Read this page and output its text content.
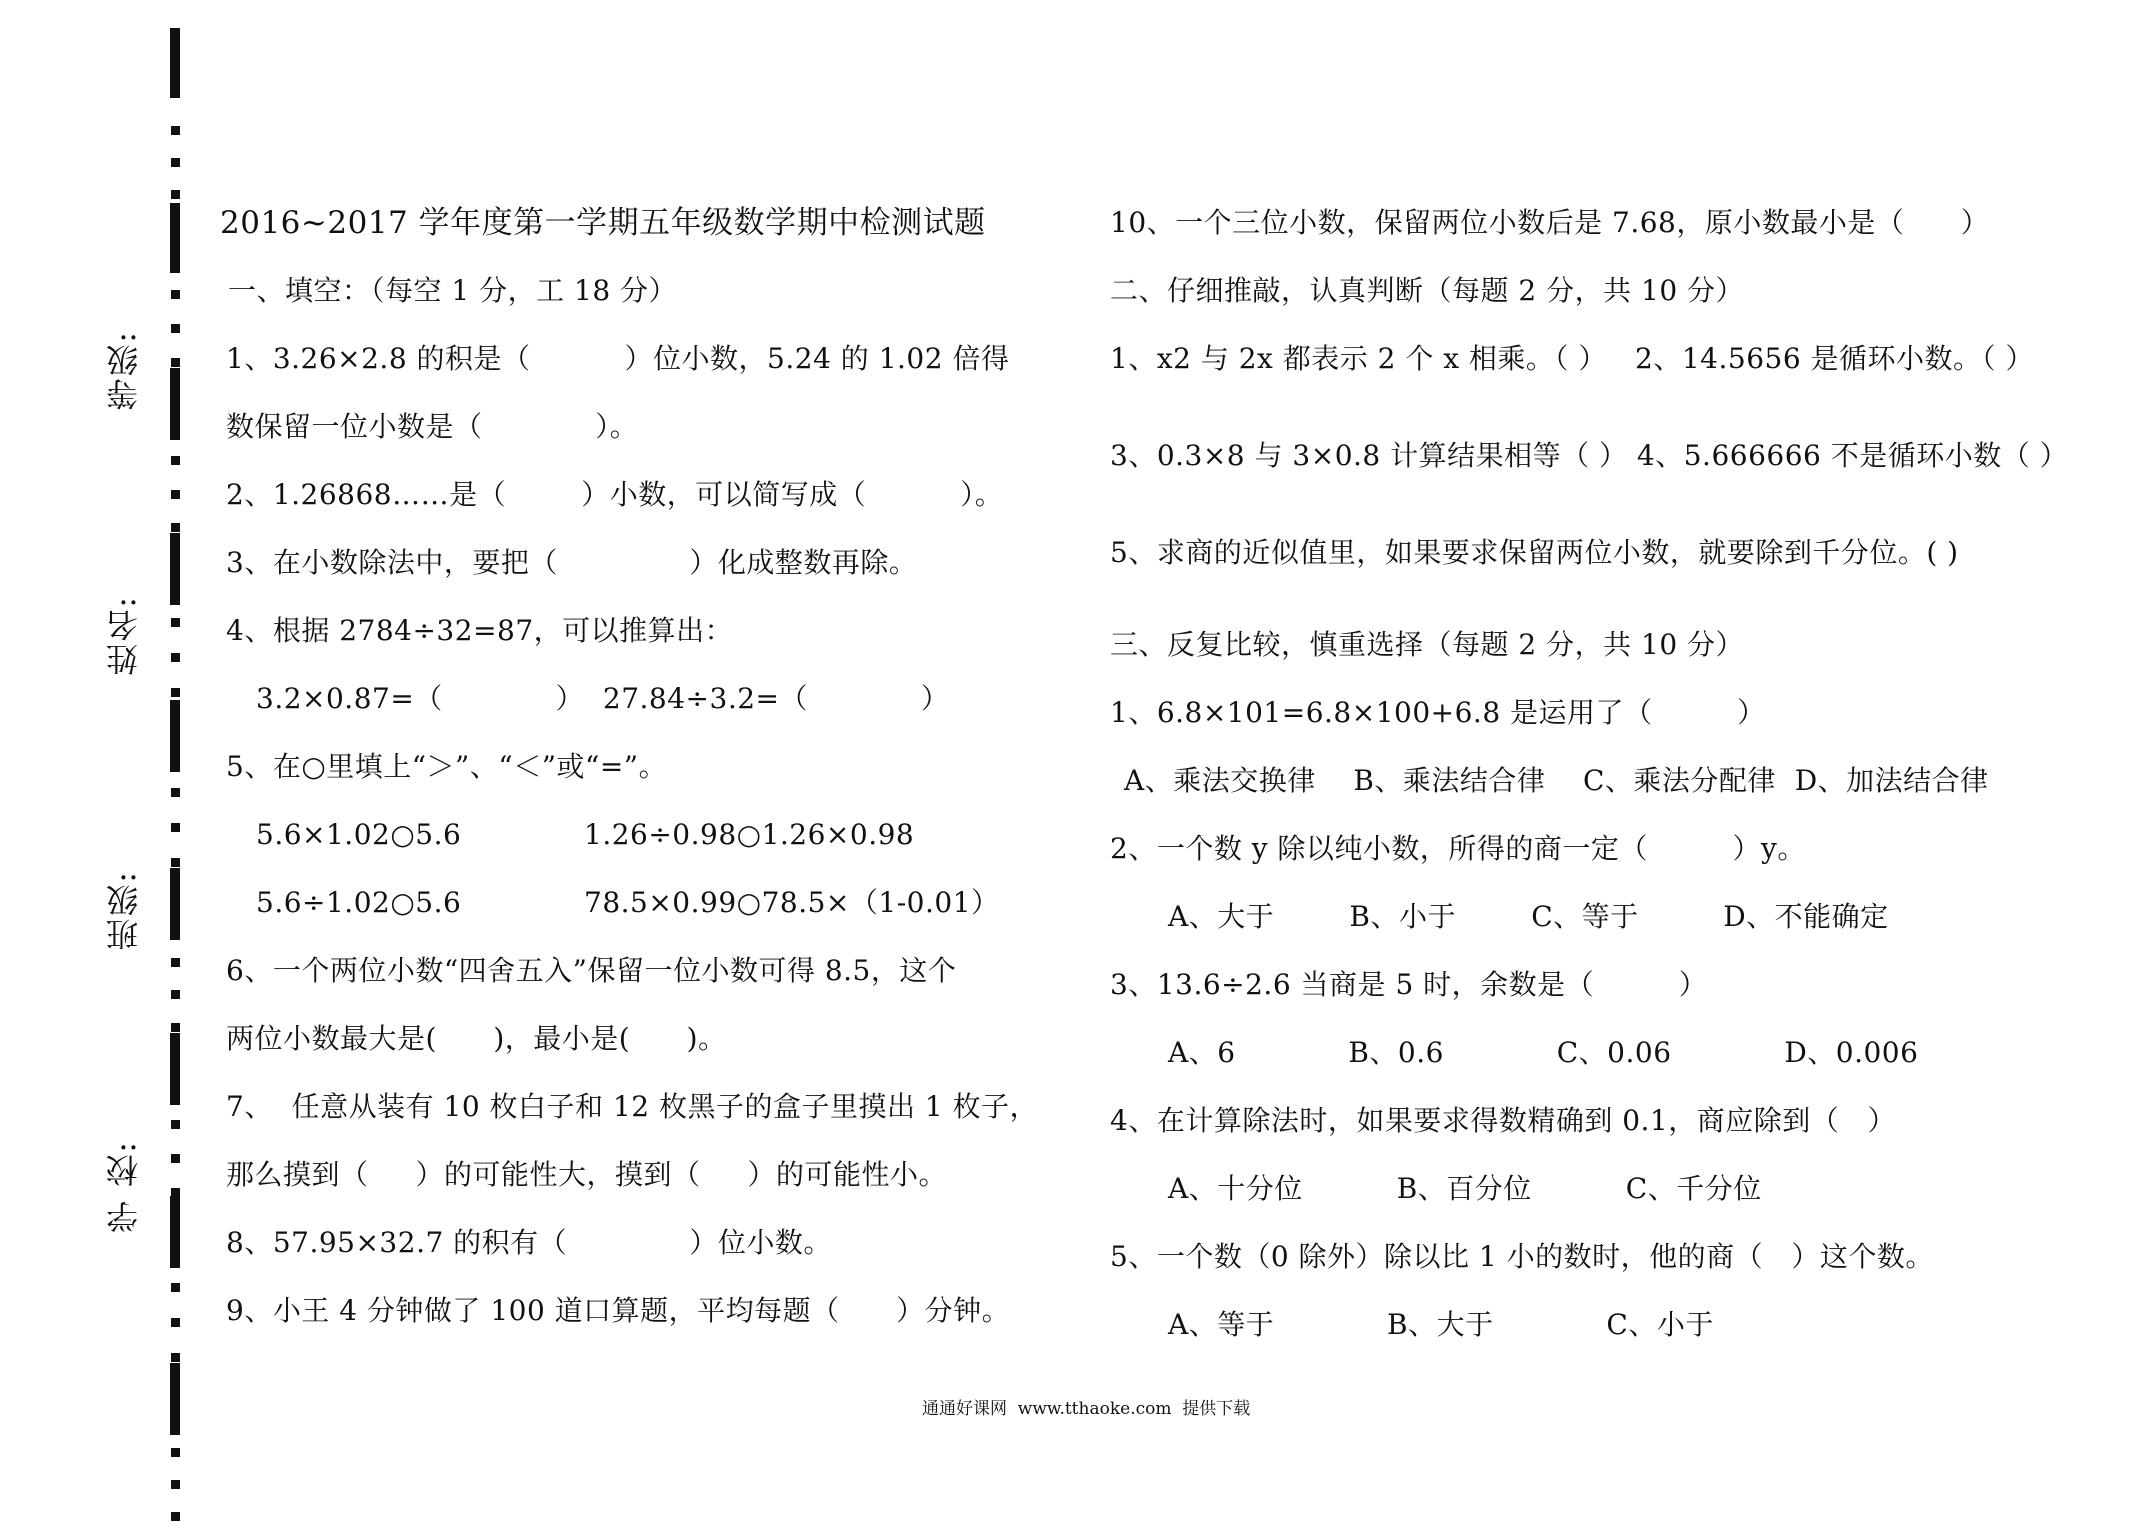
等级:
姓名:
班级:
学 校:
2016~2017 学年度第一学期五年级数学期中检测试题
一、填空：（每空 1 分，工 18 分）
1、3.26×2.8 的积是（          ）位小数，5.24 的 1.02 倍得
数保留一位小数是（            ）。
2、1.26868……是（        ）小数，可以简写成（          ）。
3、在小数除法中，要把（              ）化成整数再除。
4、根据 2784÷32=87，可以推算出：
3.2×0.87=（            ）  27.84÷3.2=（            ）
5、在○里填上“＞”、“＜”或“=”。
5.6×1.02○5.6	1.26÷0.98○1.26×0.98
5.6÷1.02○5.6	78.5×0.99○78.5×（1-0.01）
6、一个两位小数“四舍五入”保留一位小数可得 8.5，这个
两位小数最大是(      )，最小是(      )。
7、  任意从装有 10 枚白子和 12 枚黑子的盒子里摸出 1 枚子，
那么摸到（     ）的可能性大，摸到（     ）的可能性小。
8、57.95×32.7 的积有（             ）位小数。
9、小王 4 分钟做了 100 道口算题，平均每题（      ）分钟。
10、一个三位小数，保留两位小数后是 7.68，原小数最小是（      ）
二、仔细推敲，认真判断（每题 2 分，共 10 分）
1、x2 与 2x 都表示 2 个 x 相乘。（ ）   2、14.5656 是循环小数。（ ）
3、0.3×8 与 3×0.8 计算结果相等（ ） 4、5.666666 不是循环小数（ ）
5、求商的近似值里，如果要求保留两位小数，就要除到千分位。( )
三、反复比较，慎重选择（每题 2 分，共 10 分）
1、6.8×101=6.8×100+6.8 是运用了（         ）
A、乘法交换律    B、乘法结合律    C、乘法分配律  D、加法结合律
2、一个数 y 除以纯小数，所得的商一定（         ）y。
A、大于        B、小于        C、等于         D、不能确定
3、13.6÷2.6 当商是 5 时，余数是（         ）
A、6            B、0.6            C、0.06            D、0.006
4、在计算除法时，如果要求得数精确到 0.1，商应除到（   ）
A、十分位          B、百分位          C、千分位
5、一个数（0 除外）除以比 1 小的数时，他的商（   ）这个数。
A、等于            B、大于            C、小于
通通好课网  www.tthaoke.com  提供下载
